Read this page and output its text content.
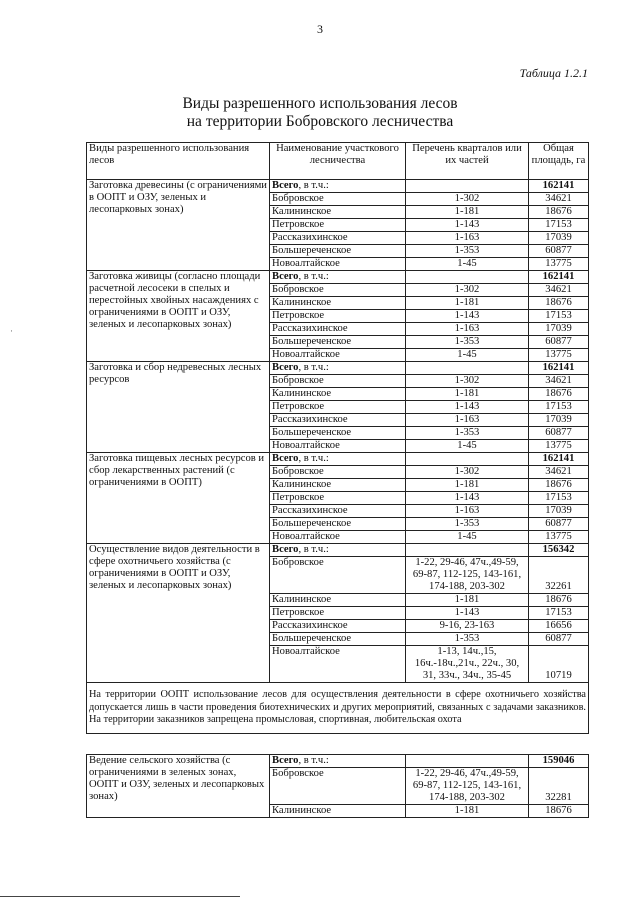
3
Таблица 1.2.1
Виды разрешенного использования лесов
на территории Бобровского лесничества
·
Виды разрешенного использования лесов	Наименование участкового лесничества	Перечень кварталов или их частей	Общая площадь, га
Заготовка древесины (с ограничениями в ООПТ и ОЗУ, зеленых и лесопарковых зонах)	Всего, в т.ч.:		162141
	Бобровское	1-302	34621
	Калининское	1-181	18676
	Петровское	1-143	17153
	Рассказихинское	1-163	17039
	Большереченское	1-353	60877
	Новоалтайское	1-45	13775
Заготовка живицы (согласно площади расчетной лесосеки в спелых и перестойных хвойных насаждениях с ограничениями в ООПТ и ОЗУ, зеленых и лесопарковых зонах)	Всего, в т.ч.:		162141
	Бобровское	1-302	34621
	Калининское	1-181	18676
	Петровское	1-143	17153
	Рассказихинское	1-163	17039
	Большереченское	1-353	60877
	Новоалтайское	1-45	13775
Заготовка и сбор недревесных лесных ресурсов	Всего, в т.ч.:		162141
	Бобровское	1-302	34621
	Калининское	1-181	18676
	Петровское	1-143	17153
	Рассказихинское	1-163	17039
	Большереченское	1-353	60877
	Новоалтайское	1-45	13775
Заготовка пищевых лесных ресурсов и сбор лекарственных растений (с ограничениями в ООПТ)	Всего, в т.ч.:		162141
	Бобровское	1-302	34621
	Калининское	1-181	18676
	Петровское	1-143	17153
	Рассказихинское	1-163	17039
	Большереченское	1-353	60877
	Новоалтайское	1-45	13775
Осуществление видов деятельности в сфере охотничьего хозяйства (с ограничениями в ООПТ и ОЗУ, зеленых и лесопарковых зонах)	Всего, в т.ч.:		156342
	Бобровское	1-22, 29-46, 47ч.,49-59, 69-87, 112-125, 143-161, 174-188, 203-302	32261
	Калининское	1-181	18676
	Петровское	1-143	17153
	Рассказихинское	9-16, 23-163	16656
	Большереченское	1-353	60877
	Новоалтайское	1-13, 14ч.,15, 16ч.-18ч.,21ч., 22ч., 30, 31, 33ч., 34ч., 35-45	10719
На территории ООПТ использование лесов для осуществления деятельности в сфере охотничьего хозяйства допускается лишь в части проведения биотехнических и других мероприятий, связанных с задачами заказников. На территории заказников запрещена промысловая, спортивная, любительская охота			

Ведение сельского хозяйства (с ограничениями в зеленых зонах, ООПТ и ОЗУ, зеленых и лесопарковых зонах)	Всего, в т.ч.:		159046
	Бобровское	1-22, 29-46, 47ч.,49-59, 69-87, 112-125, 143-161, 174-188, 203-302	32281
	Калининское	1-181	18676
